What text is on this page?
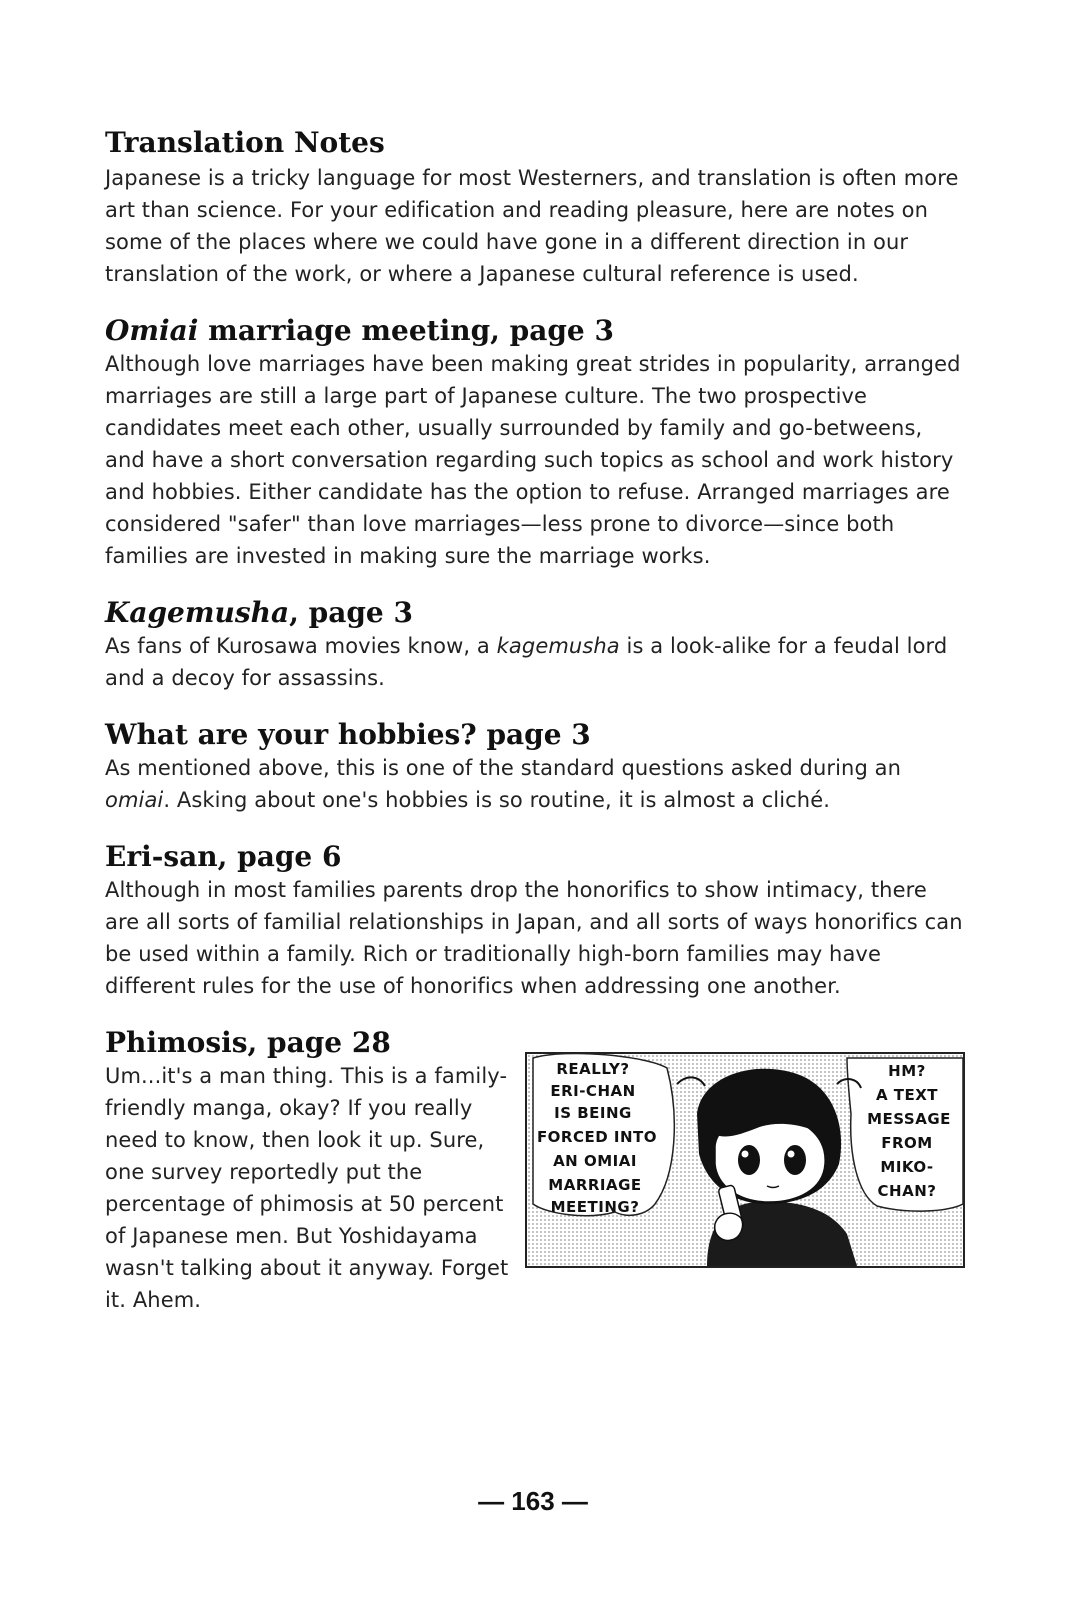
Translation Notes

Japanese is a tricky language for most Westerners, and translation is often more art than science. For your edification and reading pleasure, here are notes on some of the places where we could have gone in a different direction in our translation of the work, or where a Japanese cultural reference is used.

Omiai marriage meeting, page 3

Although love marriages have been making great strides in popularity, arranged marriages are still a large part of Japanese culture. The two prospective candidates meet each other, usually surrounded by family and go-betweens, and have a short conversation regarding such topics as school and work history and hobbies. Either candidate has the option to refuse. Arranged marriages are considered "safer" than love marriages—less prone to divorce—since both families are invested in making sure the marriage works.

Kagemusha, page 3

As fans of Kurosawa movies know, a kagemusha is a look-alike for a feudal lord and a decoy for assassins.

What are your hobbies? page 3

As mentioned above, this is one of the standard questions asked during an omiai. Asking about one's hobbies is so routine, it is almost a cliché.

Eri-san, page 6

Although in most families parents drop the honorifics to show intimacy, there are all sorts of familial relationships in Japan, and all sorts of ways honorifics can be used within a family. Rich or traditionally high-born families may have different rules for the use of honorifics when addressing one another.

Phimosis, page 28

Um...it's a man thing. This is a family-friendly manga, okay? If you really need to know, then look it up. Sure, one survey reportedly put the percentage of phimosis at 50 percent of Japanese men. But Yoshidayama wasn't talking about it anyway. Forget it. Ahem.

REALLY?
ERI-CHAN
IS BEING
FORCED INTO
AN OMIAI
MARRIAGE
MEETING?
HM?
A TEXT
MESSAGE
FROM
MIKO-
CHAN?
— 163 —
